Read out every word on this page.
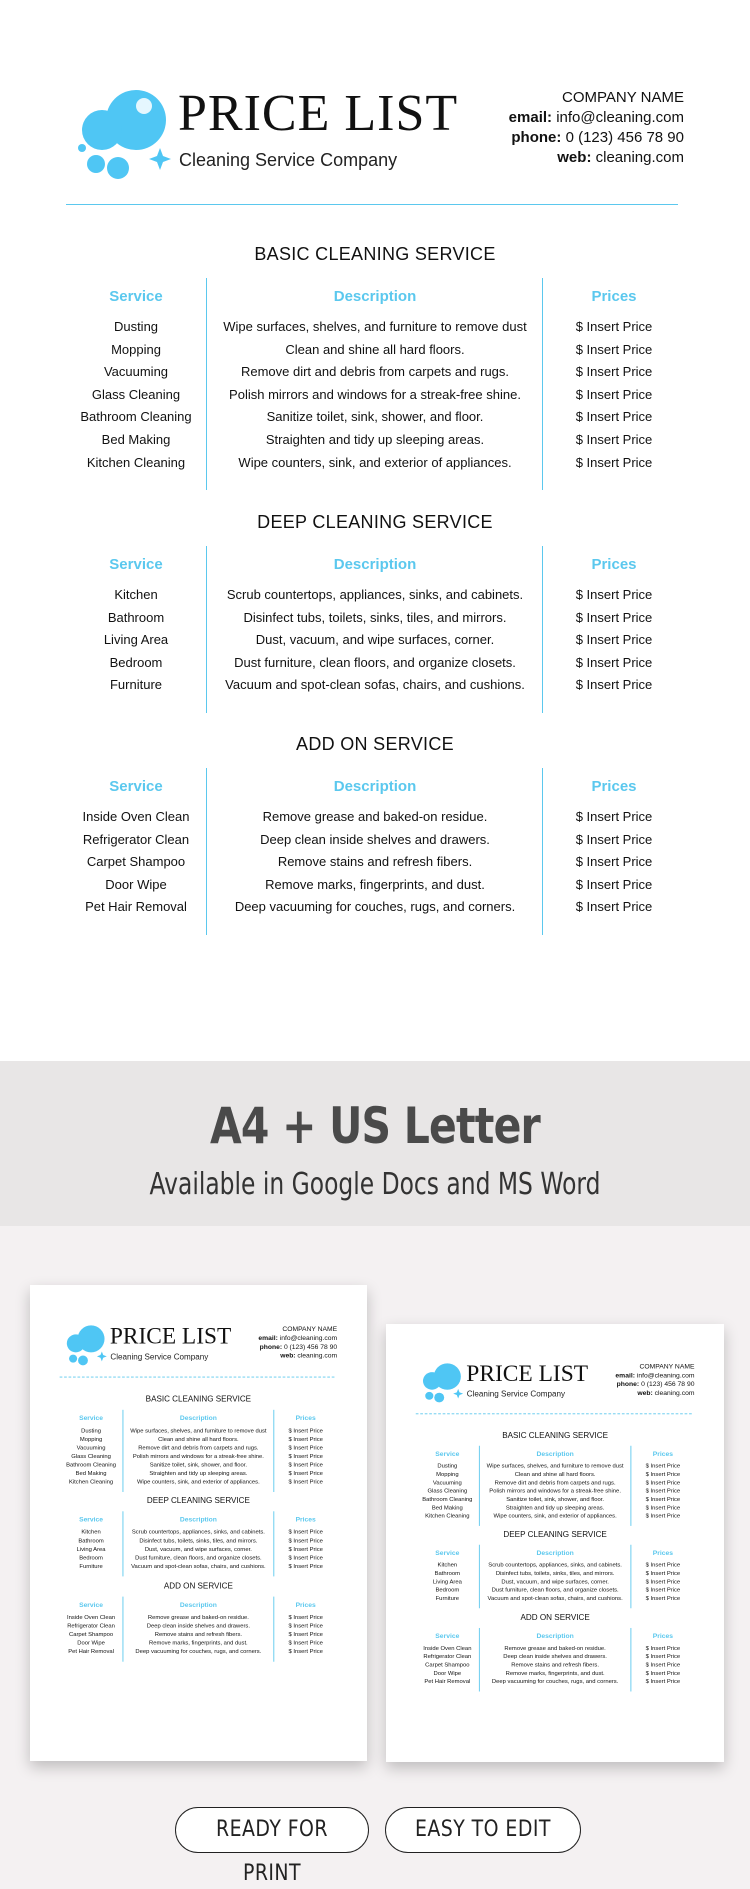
PRICE LIST
Cleaning Service Company
COMPANY NAME
email: info@cleaning.com
phone: 0 (123) 456 78 90
web: cleaning.com
BASIC CLEANING SERVICE
Service	Description	Prices
Dusting	Wipe surfaces, shelves, and furniture to remove dust	$ Insert Price
Mopping	Clean and shine all hard floors.	$ Insert Price
Vacuuming	Remove dirt and debris from carpets and rugs.	$ Insert Price
Glass Cleaning	Polish mirrors and windows for a streak-free shine.	$ Insert Price
Bathroom Cleaning	Sanitize toilet, sink, shower, and floor.	$ Insert Price
Bed Making	Straighten and tidy up sleeping areas.	$ Insert Price
Kitchen Cleaning	Wipe counters, sink, and exterior of appliances.	$ Insert Price
DEEP CLEANING SERVICE
Service	Description	Prices
Kitchen	Scrub countertops, appliances, sinks, and cabinets.	$ Insert Price
Bathroom	Disinfect tubs, toilets, sinks, tiles, and mirrors.	$ Insert Price
Living Area	Dust, vacuum, and wipe surfaces, corner.	$ Insert Price
Bedroom	Dust furniture, clean floors, and organize closets.	$ Insert Price
Furniture	Vacuum and spot-clean sofas, chairs, and cushions.	$ Insert Price
ADD ON SERVICE
Service	Description	Prices
Inside Oven Clean	Remove grease and baked-on residue.	$ Insert Price
Refrigerator Clean	Deep clean inside shelves and drawers.	$ Insert Price
Carpet Shampoo	Remove stains and refresh fibers.	$ Insert Price
Door Wipe	Remove marks, fingerprints, and dust.	$ Insert Price
Pet Hair Removal	Deep vacuuming for couches, rugs, and corners.	$ Insert Price
A4 + US Letter
Available in Google Docs and MS Word
PRICE LIST
Cleaning Service Company
COMPANY NAME
email: info@cleaning.com
phone: 0 (123) 456 78 90
web: cleaning.com
BASIC CLEANING SERVICE
Service	Description	Prices
Dusting	Wipe surfaces, shelves, and furniture to remove dust	$ Insert Price
Mopping	Clean and shine all hard floors.	$ Insert Price
Vacuuming	Remove dirt and debris from carpets and rugs.	$ Insert Price
Glass Cleaning	Polish mirrors and windows for a streak-free shine.	$ Insert Price
Bathroom Cleaning	Sanitize toilet, sink, shower, and floor.	$ Insert Price
Bed Making	Straighten and tidy up sleeping areas.	$ Insert Price
Kitchen Cleaning	Wipe counters, sink, and exterior of appliances.	$ Insert Price
DEEP CLEANING SERVICE
Service	Description	Prices
Kitchen	Scrub countertops, appliances, sinks, and cabinets.	$ Insert Price
Bathroom	Disinfect tubs, toilets, sinks, tiles, and mirrors.	$ Insert Price
Living Area	Dust, vacuum, and wipe surfaces, corner.	$ Insert Price
Bedroom	Dust furniture, clean floors, and organize closets.	$ Insert Price
Furniture	Vacuum and spot-clean sofas, chairs, and cushions.	$ Insert Price
ADD ON SERVICE
Service	Description	Prices
Inside Oven Clean	Remove grease and baked-on residue.	$ Insert Price
Refrigerator Clean	Deep clean inside shelves and drawers.	$ Insert Price
Carpet Shampoo	Remove stains and refresh fibers.	$ Insert Price
Door Wipe	Remove marks, fingerprints, and dust.	$ Insert Price
Pet Hair Removal	Deep vacuuming for couches, rugs, and corners.	$ Insert Price
PRICE LIST
Cleaning Service Company
COMPANY NAME
email: info@cleaning.com
phone: 0 (123) 456 78 90
web: cleaning.com
BASIC CLEANING SERVICE
Service	Description	Prices
Dusting	Wipe surfaces, shelves, and furniture to remove dust	$ Insert Price
Mopping	Clean and shine all hard floors.	$ Insert Price
Vacuuming	Remove dirt and debris from carpets and rugs.	$ Insert Price
Glass Cleaning	Polish mirrors and windows for a streak-free shine.	$ Insert Price
Bathroom Cleaning	Sanitize toilet, sink, shower, and floor.	$ Insert Price
Bed Making	Straighten and tidy up sleeping areas.	$ Insert Price
Kitchen Cleaning	Wipe counters, sink, and exterior of appliances.	$ Insert Price
DEEP CLEANING SERVICE
Service	Description	Prices
Kitchen	Scrub countertops, appliances, sinks, and cabinets.	$ Insert Price
Bathroom	Disinfect tubs, toilets, sinks, tiles, and mirrors.	$ Insert Price
Living Area	Dust, vacuum, and wipe surfaces, corner.	$ Insert Price
Bedroom	Dust furniture, clean floors, and organize closets.	$ Insert Price
Furniture	Vacuum and spot-clean sofas, chairs, and cushions.	$ Insert Price
ADD ON SERVICE
Service	Description	Prices
Inside Oven Clean	Remove grease and baked-on residue.	$ Insert Price
Refrigerator Clean	Deep clean inside shelves and drawers.	$ Insert Price
Carpet Shampoo	Remove stains and refresh fibers.	$ Insert Price
Door Wipe	Remove marks, fingerprints, and dust.	$ Insert Price
Pet Hair Removal	Deep vacuuming for couches, rugs, and corners.	$ Insert Price
READY FOR PRINT
EASY TO EDIT
